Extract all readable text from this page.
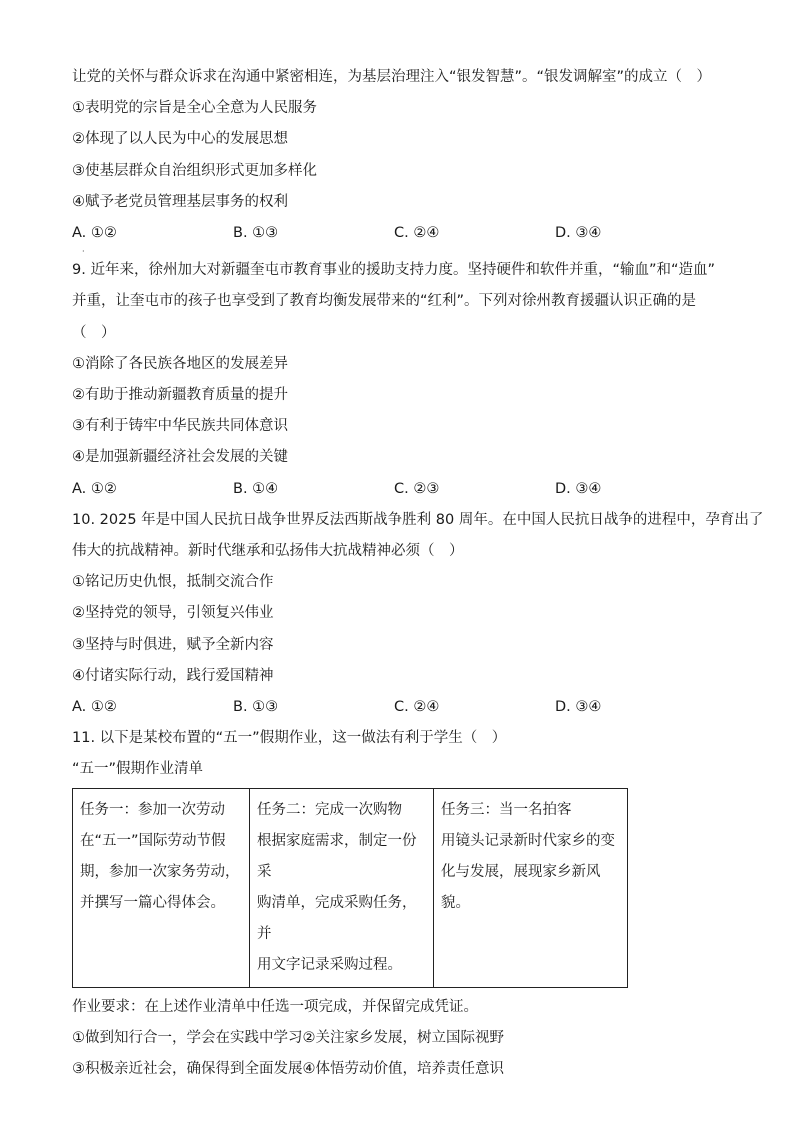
让党的关怀与群众诉求在沟通中紧密相连，为基层治理注入“银发智慧”。“银发调解室”的成立（　）
①表明党的宗旨是全心全意为人民服务
②体现了以人民为中心的发展思想
③使基层群众自治组织形式更加多样化
④赋予老党员管理基层事务的权利
A. ①②	B. ①③	C. ②④	D. ③④
·
9. 近年来，徐州加大对新疆奎屯市教育事业的援助支持力度。坚持硬件和软件并重，“输血”和“造血”
并重，让奎屯市的孩子也享受到了教育均衡发展带来的“红利”。下列对徐州教育援疆认识正确的是
（　）
①消除了各民族各地区的发展差异
②有助于推动新疆教育质量的提升
③有利于铸牢中华民族共同体意识
④是加强新疆经济社会发展的关键
A. ①②	B. ①④	C. ②③	D. ③④
10. 2025 年是中国人民抗日战争世界反法西斯战争胜利 80 周年。在中国人民抗日战争的进程中，孕育出了
伟大的抗战精神。新时代继承和弘扬伟大抗战精神必须（　）
①铭记历史仇恨，抵制交流合作
②坚持党的领导，引领复兴伟业
③坚持与时俱进，赋予全新内容
④付诸实际行动，践行爱国精神
A. ①②	B. ①③	C. ②④	D. ③④
11. 以下是某校布置的“五一”假期作业，这一做法有利于学生（　）
“五一”假期作业清单
任务一：参加一次劳动
在“五一”国际劳动节假
期，参加一次家务劳动，
并撰写一篇心得体会。

任务二：完成一次购物
根据家庭需求，制定一份采
购清单，完成采购任务，并
用文字记录采购过程。

任务三：当一名拍客
用镜头记录新时代家乡的变
化与发展，展现家乡新风
貌。
作业要求：在上述作业清单中任选一项完成，并保留完成凭证。
①做到知行合一，学会在实践中学习②关注家乡发展，树立国际视野
③积极亲近社会，确保得到全面发展④体悟劳动价值，培养责任意识
